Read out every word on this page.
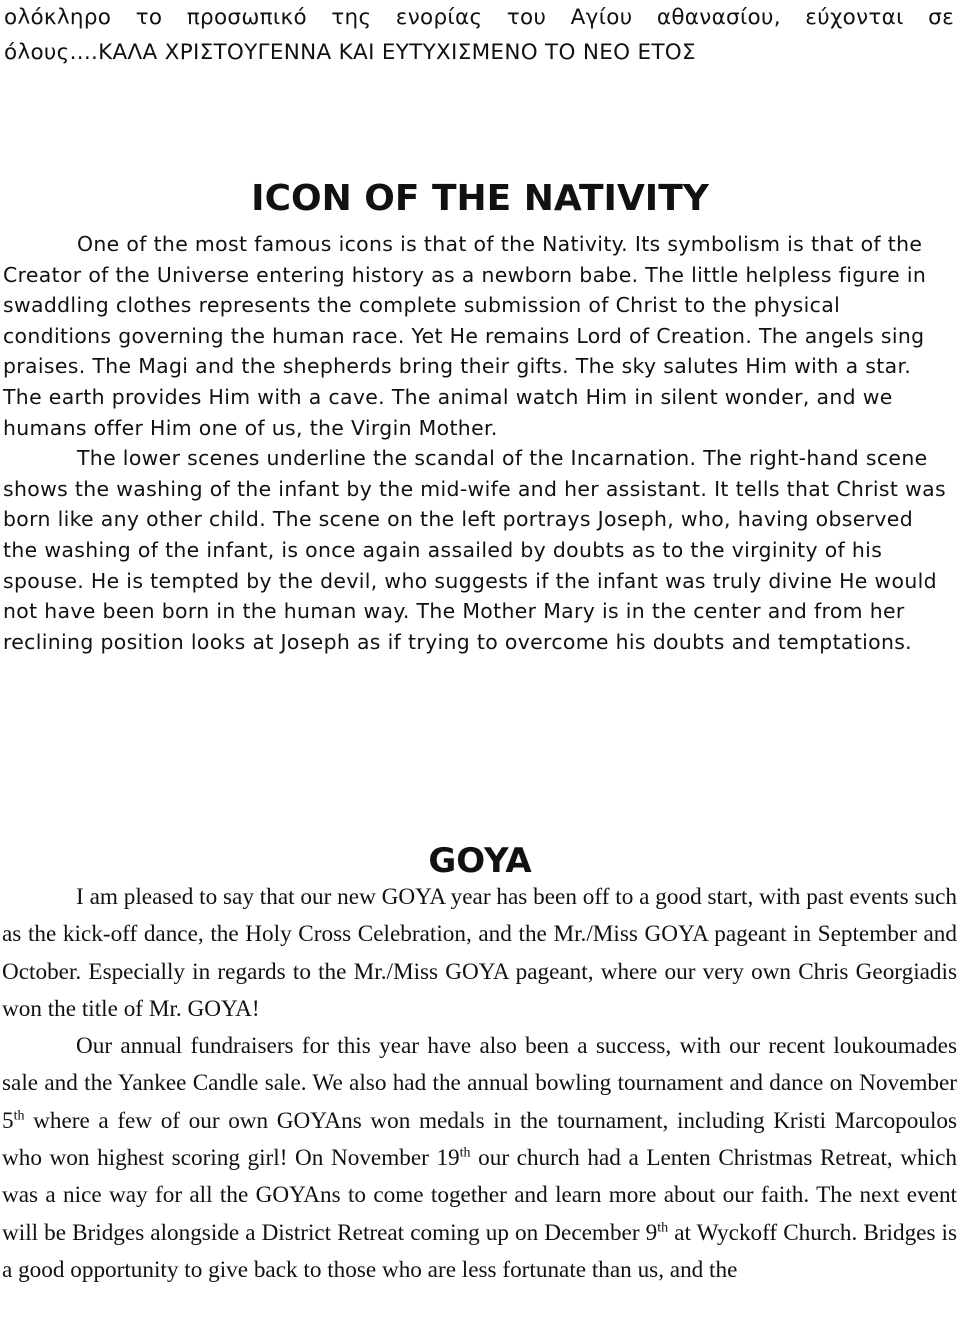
ολόκληρο το προσωπικό της ενορίας του Αγίου αθανασίου, εύχονται σε όλους....ΚΑΛΑ ΧΡΙΣΤΟΥΓΕΝΝΑ ΚΑΙ ΕΥΤΥΧΙΣΜΕΝΟ ΤΟ ΝΕΟ ΕΤΟΣ
ICON OF THE NATIVITY

One of the most famous icons is that of the Nativity. Its symbolism is that of the Creator of the Universe entering history as a newborn babe. The little helpless figure in swaddling clothes represents the complete submission of Christ to the physical conditions governing the human race. Yet He remains Lord of Creation. The angels sing praises. The Magi and the shepherds bring their gifts. The sky salutes Him with a star. The earth provides Him with a cave. The animal watch Him in silent wonder, and we humans offer Him one of us, the Virgin Mother.

The lower scenes underline the scandal of the Incarnation. The right-hand scene shows the washing of the infant by the mid-wife and her assistant. It tells that Christ was born like any other child. The scene on the left portrays Joseph, who, having observed the washing of the infant, is once again assailed by doubts as to the virginity of his spouse. He is tempted by the devil, who suggests if the infant was truly divine He would not have been born in the human way. The Mother Mary is in the center and from her reclining position looks at Joseph as if trying to overcome his doubts and temptations.

GOYA

I am pleased to say that our new GOYA year has been off to a good start, with past events such as the kick-off dance, the Holy Cross Celebration, and the Mr./Miss GOYA pageant in September and October. Especially in regards to the Mr./Miss GOYA pageant, where our very own Chris Georgiadis won the title of Mr. GOYA!

Our annual fundraisers for this year have also been a success, with our recent loukoumades sale and the Yankee Candle sale. We also had the annual bowling tournament and dance on November 5th where a few of our own GOYAns won medals in the tournament, including Kristi Marcopoulos who won highest scoring girl! On November 19th our church had a Lenten Christmas Retreat, which was a nice way for all the GOYAns to come together and learn more about our faith. The next event will be Bridges alongside a District Retreat coming up on December 9th at Wyckoff Church. Bridges is a good opportunity to give back to those who are less fortunate than us, and the
